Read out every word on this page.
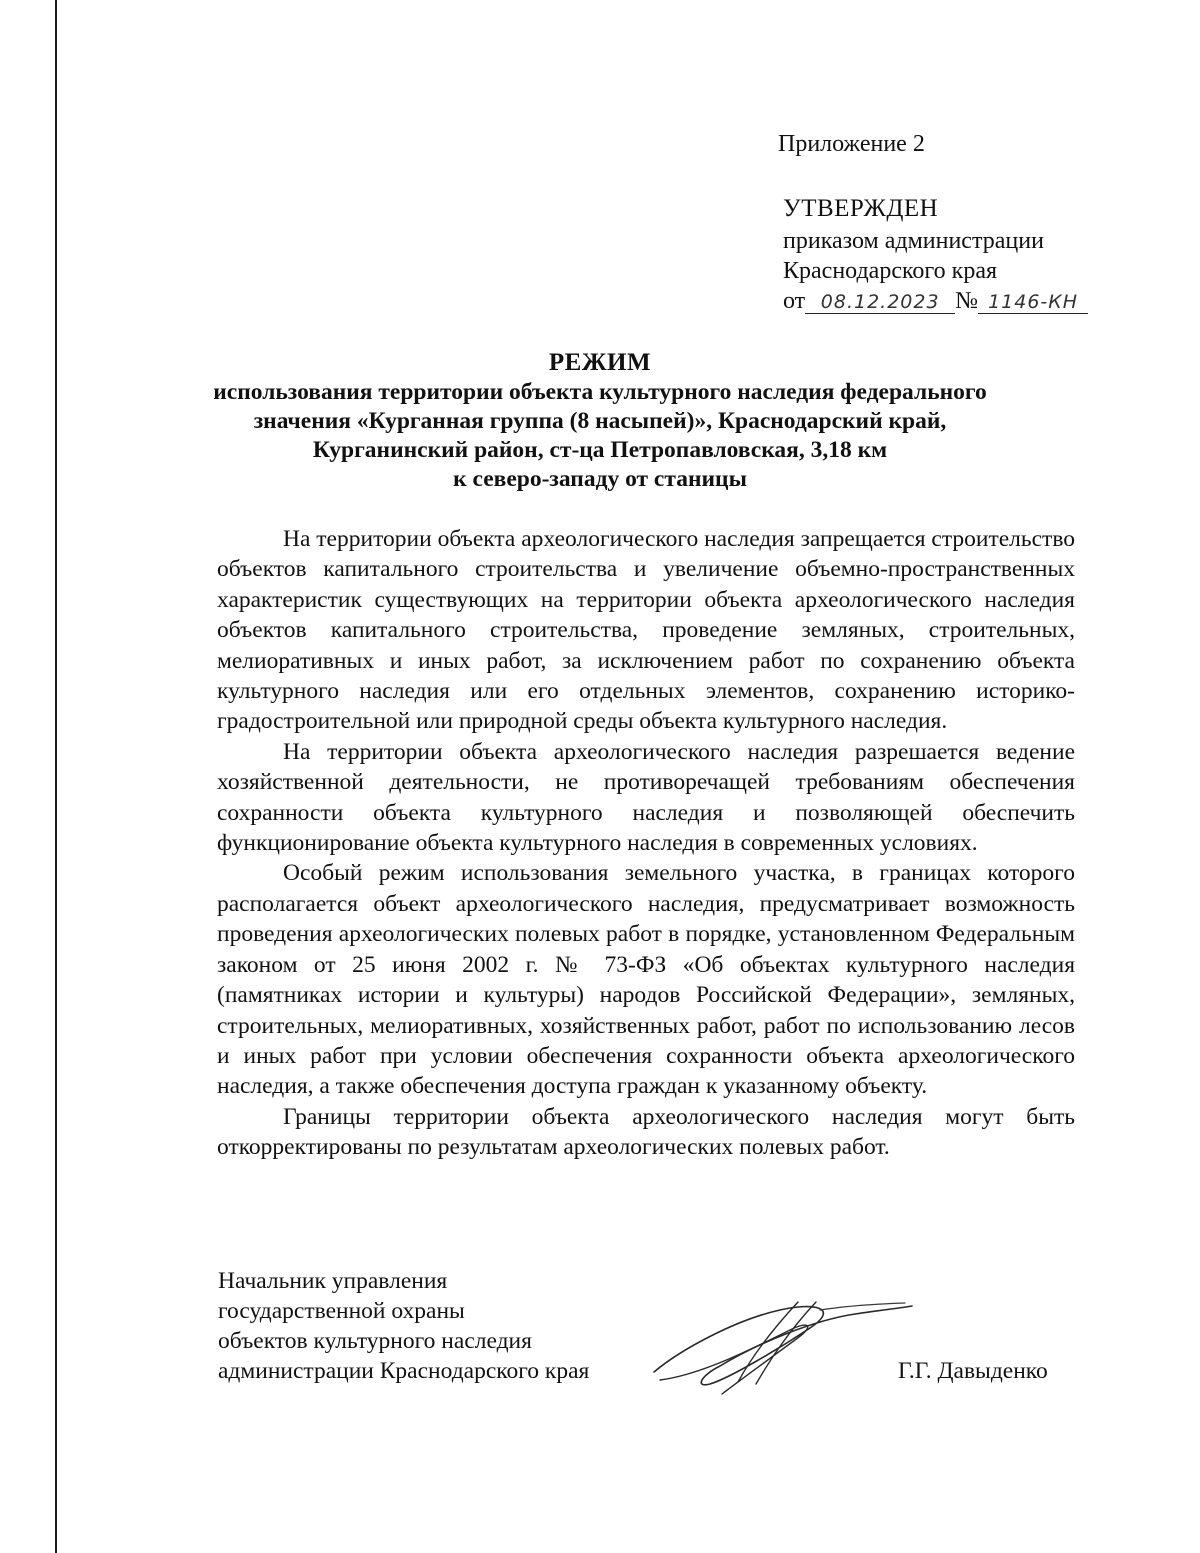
Приложение 2
УТВЕРЖДЕН
приказом администрации
Краснодарского края
от 08.12.2023 № 1146-КН
РЕЖИМ
использования территории объекта культурного наследия федерального
значения «Курганная группа (8 насыпей)», Краснодарский край,
Курганинский район, ст-ца Петропавловская, 3,18 км
к северо-западу от станицы

На территории объекта археологического наследия запрещается строительство объектов капитального строительства и увеличение объемно-пространственных характеристик существующих на территории объекта археологического наследия объектов капитального строительства, проведение земляных, строительных, мелиоративных и иных работ, за исключением работ по сохранению объекта культурного наследия или его отдельных элементов, сохранению историко-градостроительной или природной среды объекта культурного наследия.

На территории объекта археологического наследия разрешается ведение хозяйственной деятельности, не противоречащей требованиям обеспечения сохранности объекта культурного наследия и позволяющей обеспечить функционирование объекта культурного наследия в современных условиях.

Особый режим использования земельного участка, в границах которого располагается объект археологического наследия, предусматривает возможность проведения археологических полевых работ в порядке, установленном Федеральным законом от 25 июня 2002 г. № 73-ФЗ «Об объектах культурного наследия (памятниках истории и культуры) народов Российской Федерации», земляных, строительных, мелиоративных, хозяйственных работ, работ по использованию лесов и иных работ при условии обеспечения сохранности объекта археологического наследия, а также обеспечения доступа граждан к указанному объекту.

Границы территории объекта археологического наследия могут быть откорректированы по результатам археологических полевых работ.

Начальник управления
государственной охраны
объектов культурного наследия
администрации Краснодарского края	Г.Г. Давыденко
